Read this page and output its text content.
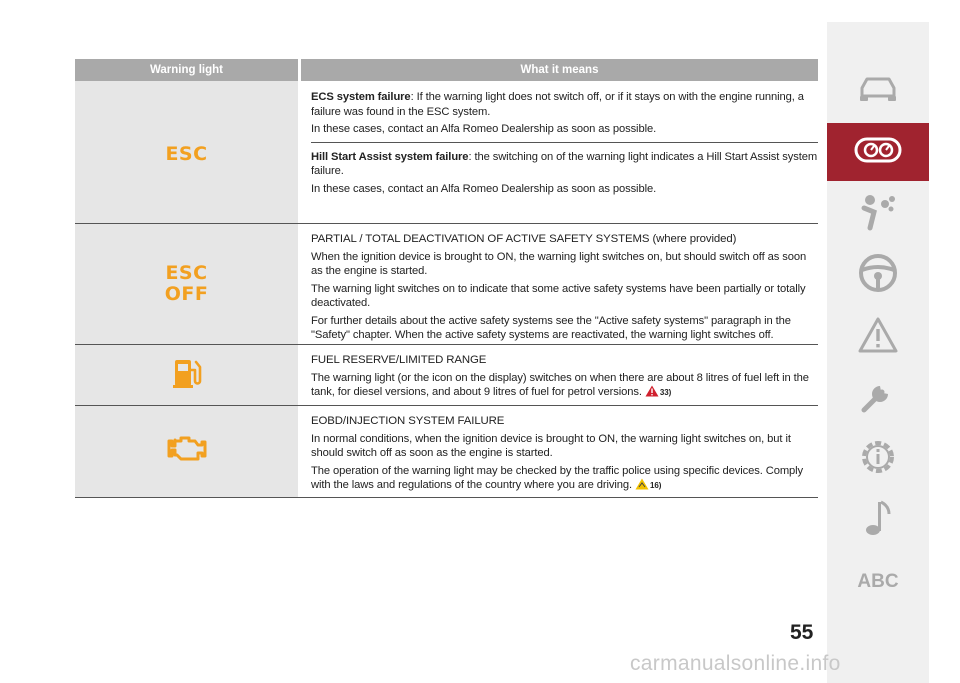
Warning light	What it means
ESC

ECS system failure: If the warning light does not switch off, or if it stays on with the engine running, a failure was found in the ESC system.

In these cases, contact an Alfa Romeo Dealership as soon as possible.

Hill Start Assist system failure: the switching on of the warning light indicates a Hill Start Assist system failure.

In these cases, contact an Alfa Romeo Dealership as soon as possible.

ESC
OFF

PARTIAL / TOTAL DEACTIVATION OF ACTIVE SAFETY SYSTEMS (where provided)

When the ignition device is brought to ON, the warning light switches on, but should switch off as soon as the engine is started.

The warning light switches on to indicate that some active safety systems have been partially or totally deactivated.

For further details about the active safety systems see the "Active safety systems" paragraph in the "Safety" chapter. When the active safety systems are reactivated, the warning light switches off.

FUEL RESERVE/LIMITED RANGE

The warning light (or the icon on the display) switches on when there are about 8 litres of fuel left in the tank, for diesel versions, and about 9 litres of fuel for petrol versions. 33)

EOBD/INJECTION SYSTEM FAILURE

In normal conditions, when the ignition device is brought to ON, the warning light switches on, but it should switch off as soon as the engine is started.

The operation of the warning light may be checked by the traffic police using specific devices. Comply with the laws and regulations of the country where you are driving. 16)

ABC
55
carmanualsonline.info
